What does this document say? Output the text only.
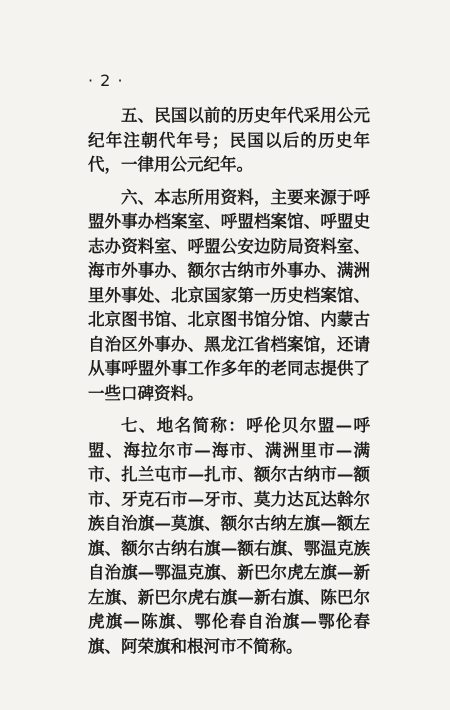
· 2 ·

五、民国以前的历史年代采用公元纪年注朝代年号；民国以后的历史年代，一律用公元纪年。

六、本志所用资料，主要来源于呼盟外事办档案室、呼盟档案馆、呼盟史志办资料室、呼盟公安边防局资料室、海市外事办、额尔古纳市外事办、满洲里外事处、北京国家第一历史档案馆、北京图书馆、北京图书馆分馆、内蒙古自治区外事办、黑龙江省档案馆，还请从事呼盟外事工作多年的老同志提供了一些口碑资料。

七、地名简称：呼伦贝尔盟—呼盟、海拉尔市—海市、满洲里市—满市、扎兰屯市—扎市、额尔古纳市—额市、牙克石市—牙市、莫力达瓦达斡尔族自治旗—莫旗、额尔古纳左旗—额左旗、额尔古纳右旗—额右旗、鄂温克族自治旗—鄂温克旗、新巴尔虎左旗—新左旗、新巴尔虎右旗—新右旗、陈巴尔虎旗—陈旗、鄂伦春自治旗—鄂伦春旗、阿荣旗和根河市不简称。
